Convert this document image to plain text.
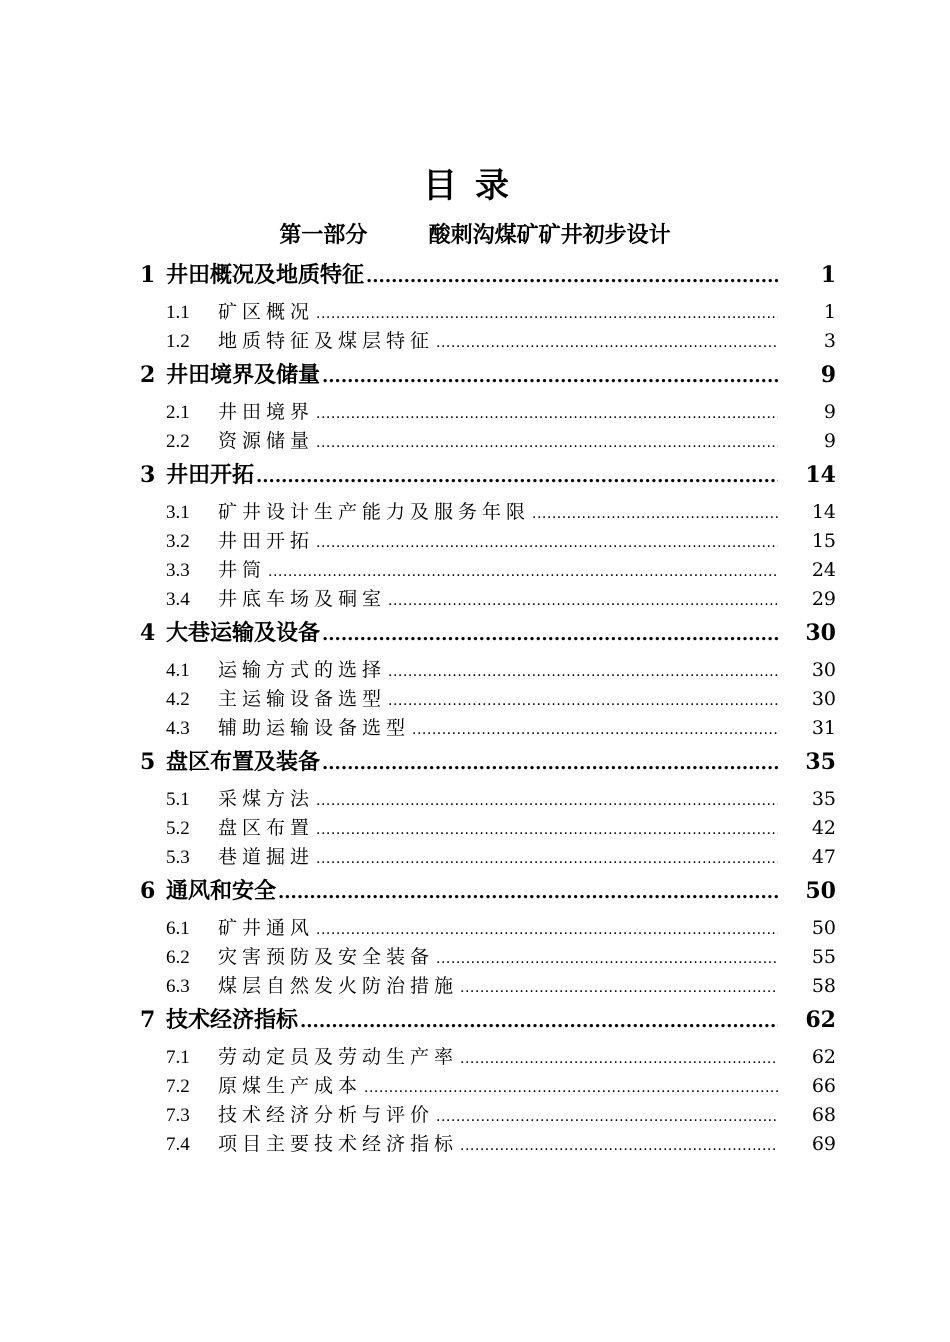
目录
第一部分        酸刺沟煤矿矿井初步设计
1 井田概况及地质特征 .....	1
1.1	矿区概况 .....	1
1.2	地质特征及煤层特征 .....	3
2 井田境界及储量 .....	9
2.1	井田境界 .....	9
2.2	资源储量 .....	9
3 井田开拓 .....	14
3.1	矿井设计生产能力及服务年限 .....	14
3.2	井田开拓 .....	15
3.3	井筒 .....	24
3.4	井底车场及硐室 .....	29
4 大巷运输及设备 .....	30
4.1	运输方式的选择 .....	30
4.2	主运输设备选型 .....	30
4.3	辅助运输设备选型 .....	31
5 盘区布置及装备 .....	35
5.1	采煤方法 .....	35
5.2	盘区布置 .....	42
5.3	巷道掘进 .....	47
6 通风和安全 .....	50
6.1	矿井通风 .....	50
6.2	灾害预防及安全装备 .....	55
6.3	煤层自然发火防治措施 .....	58
7 技术经济指标 .....	62
7.1	劳动定员及劳动生产率 .....	62
7.2	原煤生产成本 .....	66
7.3	技术经济分析与评价 .....	68
7.4	项目主要技术经济指标 .....	69
